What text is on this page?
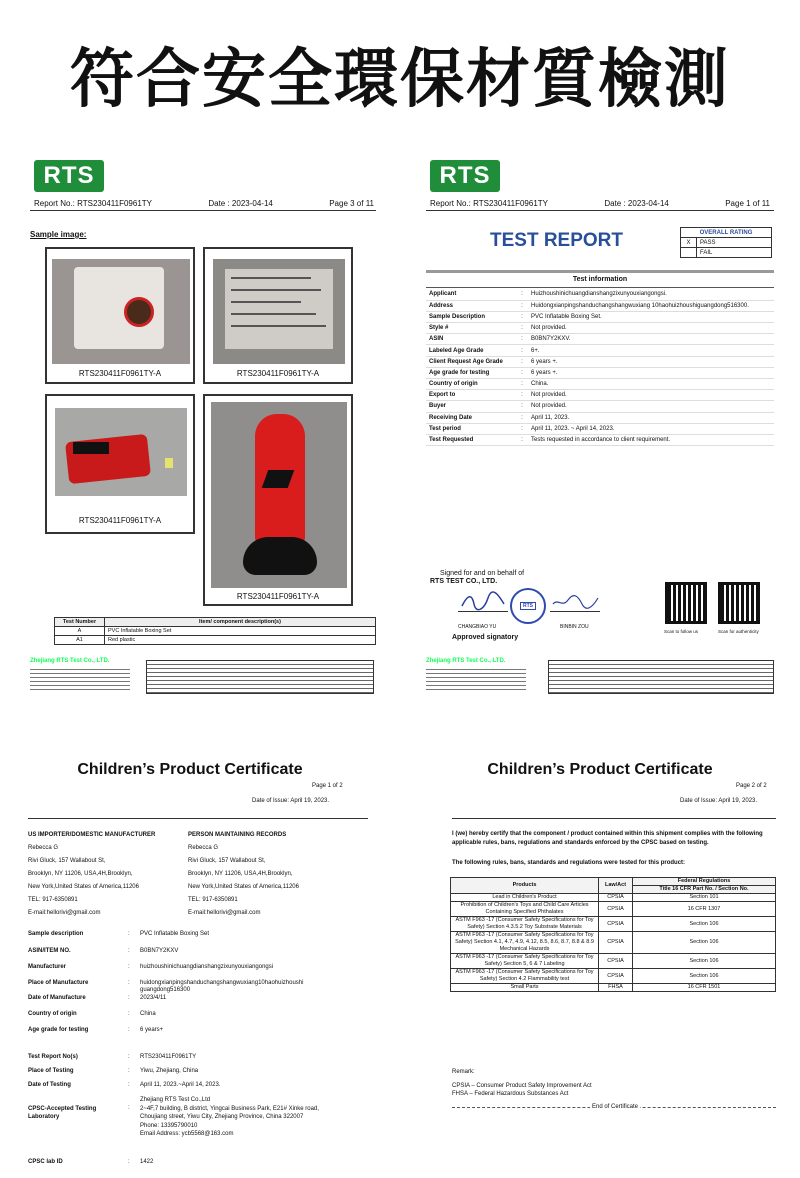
符合安全環保材質檢測
RTS
Report No.: RTS230411F0961TY	Date : 2023-04-14	Page 3 of 11
Sample image:
RTS230411F0961TY-A	RTS230411F0961TY-A
RTS230411F0961TY-A
RTS230411F0961TY-A
Test Number	Item/ component description(s)
A	PVC Inflatable Boxing Set
A1	Red plastic
Zhejiang RTS Test Co., LTD.
RTS
Report No.: RTS230411F0961TY	Date : 2023-04-14	Page 1 of 11
TEST REPORT	OVERALL RATING	
X	PASS
	FAIL
Test information
Applicant	:	Huizhoushinichuangdianshangzixunyouxiangongsi.
Address	:	Huidongxianpingshanduchangshangwuxiang 10haohuizhoushiguangdong516300.
Sample Description	:	PVC Inflatable Boxing Set.
Style #	:	Not provided.
ASIN	:	B0BN7Y2KXV.
Labeled Age Grade	:	6+.
Client Request Age Grade	:	6 years +.
Age grade for testing	:	6 years +.
Country of origin	:	China.
Export to	:	Not provided.
Buyer	:	Not provided.
Receiving Date	:	April 11, 2023.
Test period	:	April 11, 2023. ~ April 14, 2023.
Test Requested	:	Tests requested in accordance to client requirement.
Signed for and on behalf of
RTS TEST CO., LTD.
RTS
CHANGBIAO YU	BINBIN ZOU
Approved signatory
Scan to follow us	Scan for authenticity
Zhejiang RTS Test Co., LTD.
Children’s Product Certificate
Page 1 of 2
Date of Issue: April 19, 2023.
US IMPORTER/DOMESTIC MANUFACTURER	PERSON MAINTAINING RECORDS
CPSC-Accepted Testing Laboratory
:
CPSC lab ID	: 1422
Rebecca G
Rivi Gluck, 157 Wallabout St,
Brooklyn, NY 11206, USA,4H,Brooklyn,
New York,United States of America,11206
TEL: 917-6350891
E-mail:hellorivi@gmail.com
Rebecca G
Rivi Gluck, 157 Wallabout St,
Brooklyn, NY 11206, USA,4H,Brooklyn,
New York,United States of America,11206
TEL: 917-6350891
E-mail:hellorivi@gmail.com
Sample description	: PVC Inflatable Boxing Set
ASIN/ITEM NO.	: B0BN7Y2KXV
Manufacturer	: huizhoushinichuangdianshangzixunyouxiangongsi
Place of Manufacture	: huidongxianpingshanduchangshangwuxiang10haohuizhoushi guangdong516300
Date of Manufacture	: 2023/4/11
Country of origin	: China
Age grade for testing	: 6 years+
Test Report No(s)	: RTS230411F0961TY
Place of Testing	: Yiwu, Zhejiang, China
Date of Testing	: April 11, 2023.~April 14, 2023.
Zhejiang RTS Test Co.,Ltd
2~4F,7 building, B district, Yingcai Business Park, E21# Xinke road,
Choujiang street, Yiwu City, Zhejiang Province, China 322007
Phone: 13395790010
Email Address: ycb5568@163.com
Children’s Product Certificate
Page 2 of 2
Date of Issue: April 19, 2023.
I (we) hereby certify that the component / product contained within this shipment complies with the following applicable rules, bans, regulations and standards enforced by the CPSC based on testing.
The following rules, bans, standards and regulations were tested for this product:
Products	Law/Act	Federal Regulations
		Title 16 CFR Part No. / Section No.
Lead in Children's Product	CPSIA	Section 101
Prohibition of Children's Toys and Child Care Articles Containing Specified Phthalates	CPSIA	16 CFR 1307
ASTM F963 -17 (Consumer Safety Specifications for Toy Safety) Section 4.3.5.2 Toy Substrate Materials	CPSIA	Section 106
ASTM F963 -17 (Consumer Safety Specifications for Toy Safety) Section 4.1, 4.7, 4.9, 4.12, 8.5, 8.6, 8.7, 8.8 & 8.9 Mechanical Hazards	CPSIA	Section 106
ASTM F963 -17 (Consumer Safety Specifications for Toy Safety) Section 5, 6 & 7 Labeling	CPSIA	Section 106
ASTM F963 -17 (Consumer Safety Specifications for Toy Safety) Section 4.2 Flammability test	CPSIA	Section 106
Small Parts	FHSA	16 CFR 1501
Remark:
CPSIA – Consumer Product Safety Improvement Act
FHSA – Federal Hazardous Substances Act
End of Certificate
